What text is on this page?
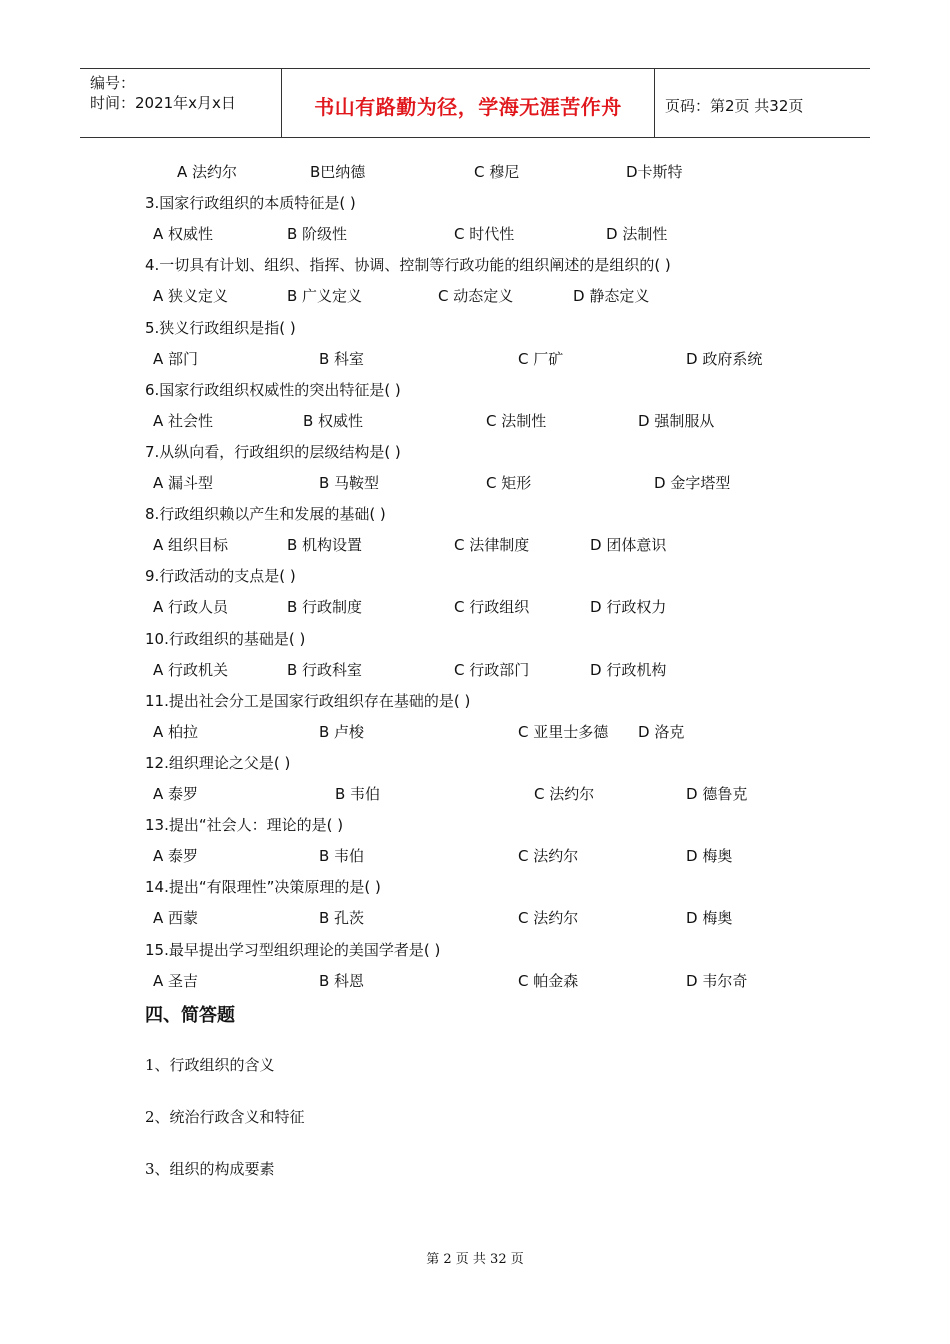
编号：
时间：2021年x月x日	书山有路勤为径，学海无涯苦作舟	页码：第2页 共32页
A 法约尔	B巴纳德	C 穆尼	D卡斯特
3.国家行政组织的本质特征是( )
A 权威性	B 阶级性	C 时代性	D 法制性
4.一切具有计划、组织、指挥、协调、控制等行政功能的组织阐述的是组织的( )
A 狭义定义	B 广义定义	C 动态定义	D 静态定义
5.狭义行政组织是指( )
A 部门	B 科室	C 厂矿	D 政府系统
6.国家行政组织权威性的突出特征是( )
A 社会性	B 权威性	C 法制性	D 强制服从
7.从纵向看，行政组织的层级结构是( )
A 漏斗型	B 马鞍型	C 矩形	D 金字塔型
8.行政组织赖以产生和发展的基础( )
A 组织目标	B 机构设置	C 法律制度	D 团体意识
9.行政活动的支点是( )
A 行政人员	B 行政制度	C 行政组织	D 行政权力
10.行政组织的基础是( )
A 行政机关	B 行政科室	C 行政部门	D 行政机构
11.提出社会分工是国家行政组织存在基础的是( )
A 柏拉	B 卢梭	C 亚里士多德 D 洛克
12.组织理论之父是( )
A 泰罗	B 韦伯	C 法约尔	D 德鲁克
13.提出“社会人：理论的是( )
A 泰罗	B 韦伯	C 法约尔	D 梅奥
14.提出“有限理性”决策原理的是( )
A 西蒙	B 孔茨	C 法约尔	D 梅奥
15.最早提出学习型组织理论的美国学者是( )
A 圣吉	B 科恩	C 帕金森	D 韦尔奇
四、简答题
1、行政组织的含义
2、统治行政含义和特征
3、组织的构成要素
第 2 页 共 32 页
